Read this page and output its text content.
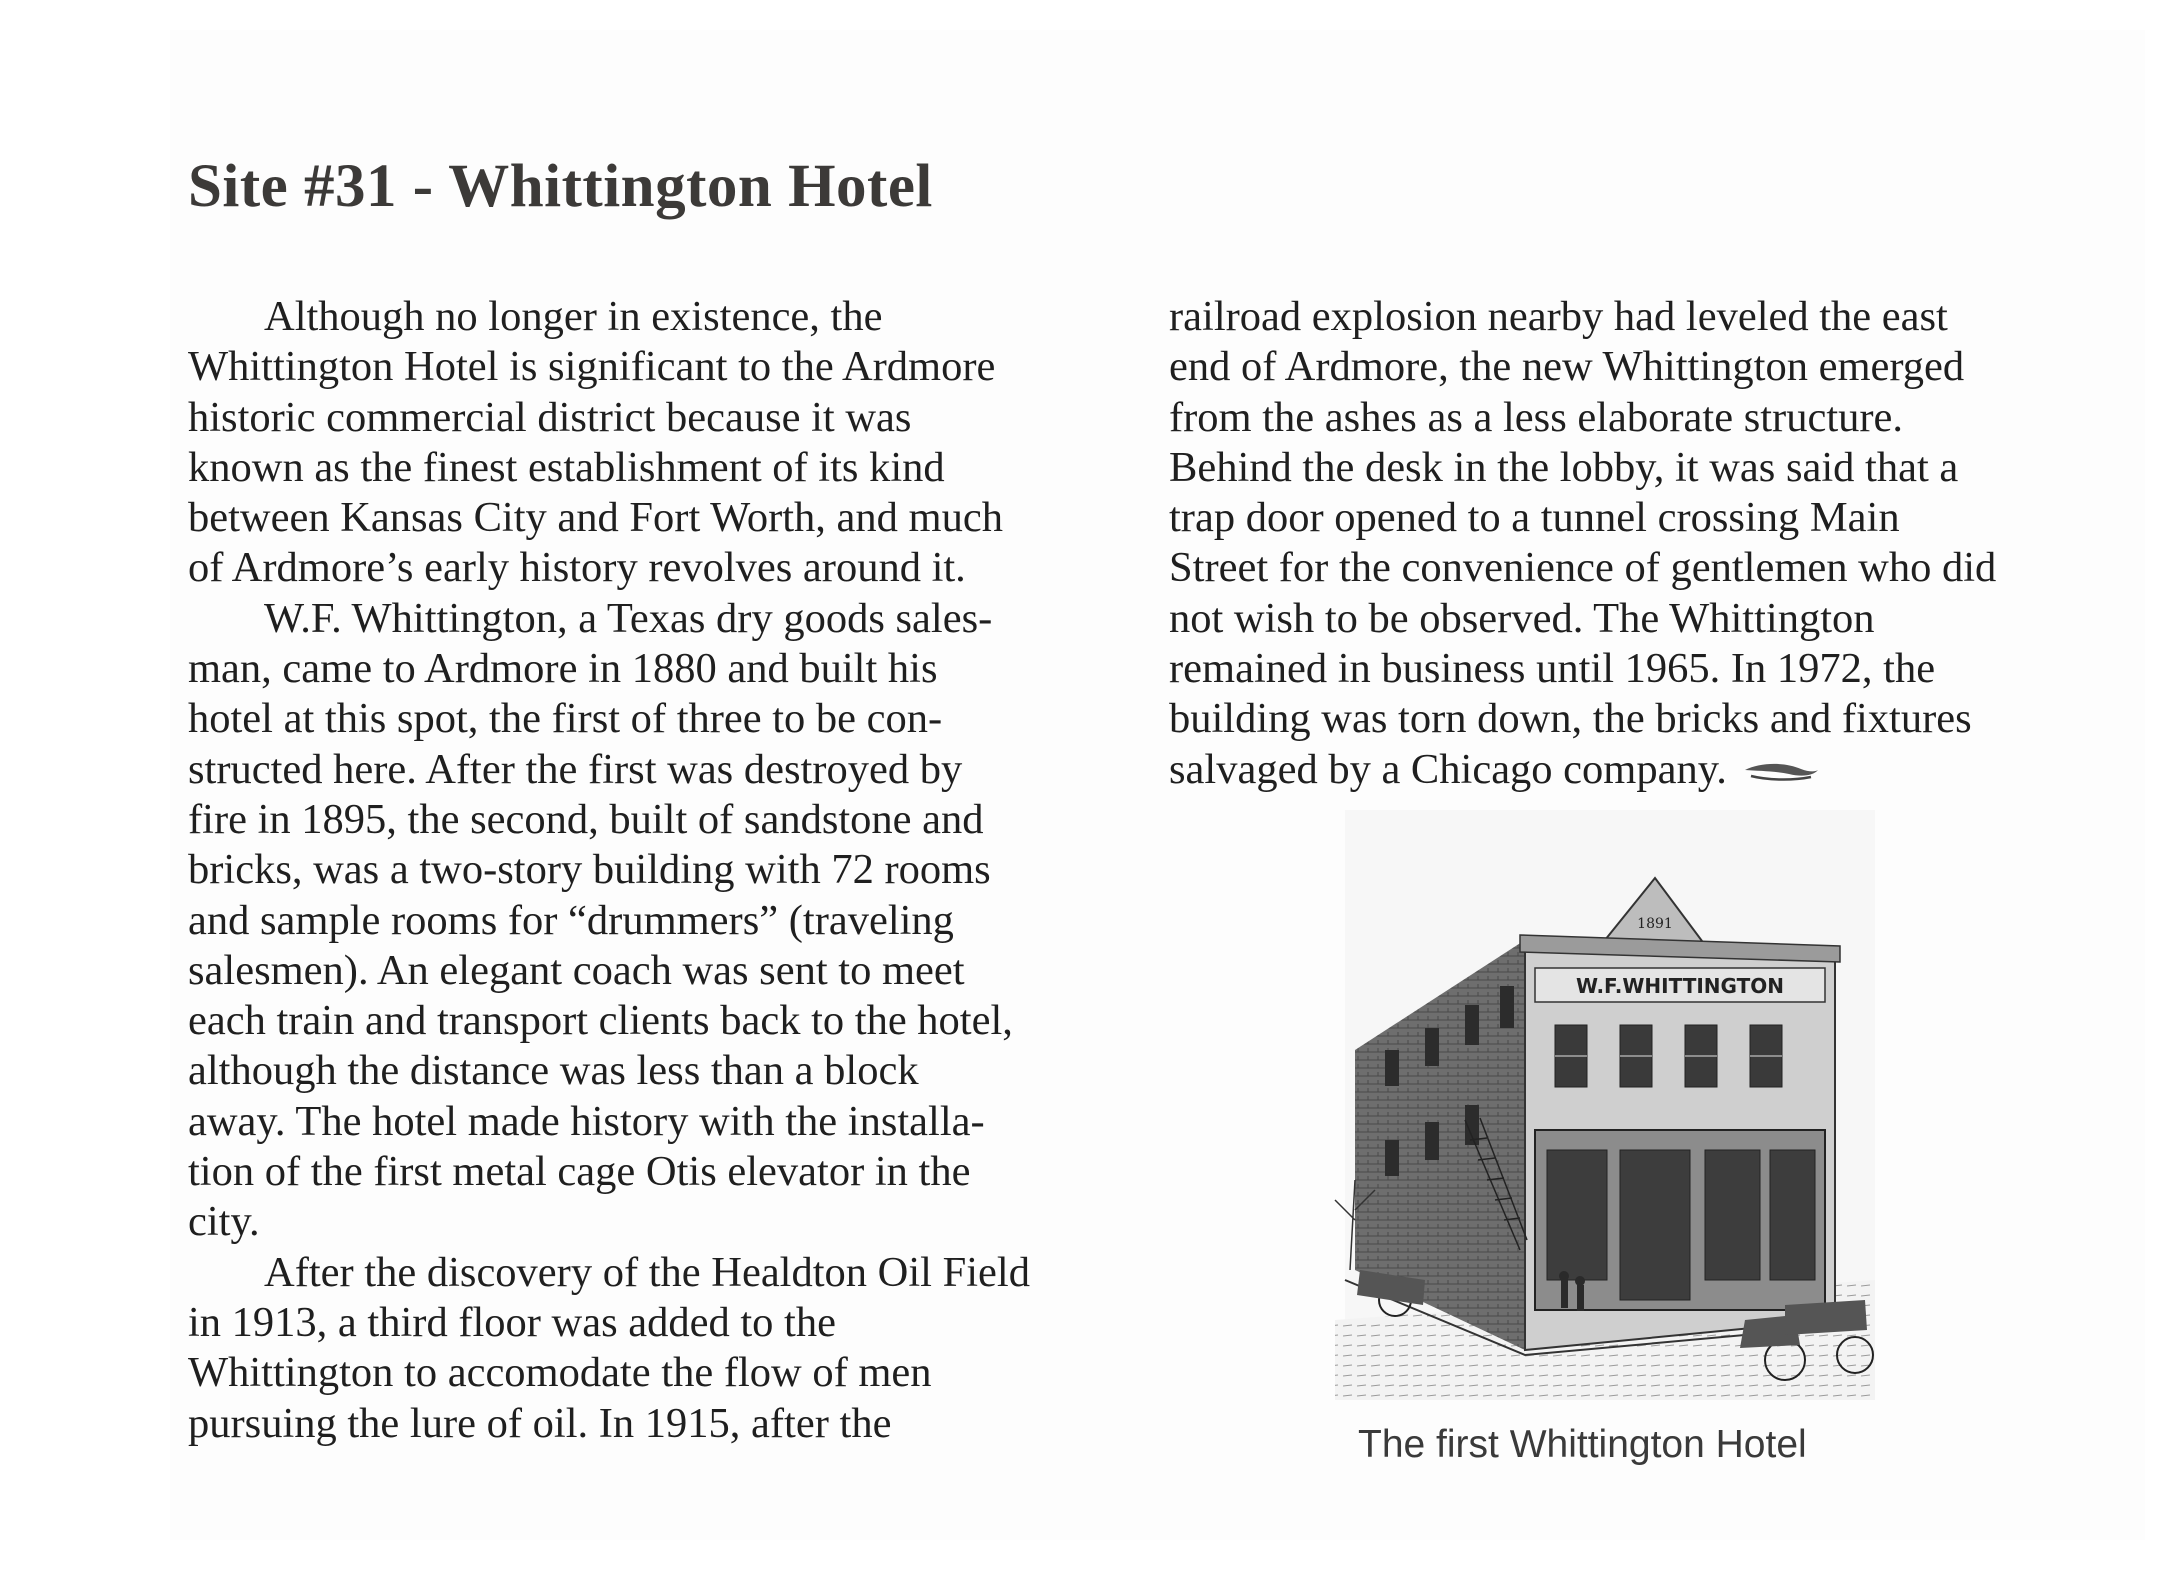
Site #31 - Whittington Hotel

Although no longer in existence, the
Whittington Hotel is significant to the Ardmore
historic commercial district because it was
known as the finest establishment of its kind
between Kansas City and Fort Worth, and much
of Ardmore’s early history revolves around it.

W.F. Whittington, a Texas dry goods sales-
man, came to Ardmore in 1880 and built his
hotel at this spot, the first of three to be con-
structed here. After the first was destroyed by
fire in 1895, the second, built of sandstone and
bricks, was a two-story building with 72 rooms
and sample rooms for “drummers” (traveling
salesmen). An elegant coach was sent to meet
each train and transport clients back to the hotel,
although the distance was less than a block
away. The hotel made history with the installa-
tion of the first metal cage Otis elevator in the
city.

After the discovery of the Healdton Oil Field
in 1913, a third floor was added to the
Whittington to accomodate the flow of men
pursuing the lure of oil. In 1915, after the

railroad explosion nearby had leveled the east
end of Ardmore, the new Whittington emerged
from the ashes as a less elaborate structure.
Behind the desk in the lobby, it was said that a
trap door opened to a tunnel crossing Main
Street for the convenience of gentlemen who did
not wish to be observed. The Whittington
remained in business until 1965. In 1972, the
building was torn down, the bricks and fixtures
salvaged by a Chicago company.

1891
W.F.WHITTINGTON
The first Whittington Hotel
